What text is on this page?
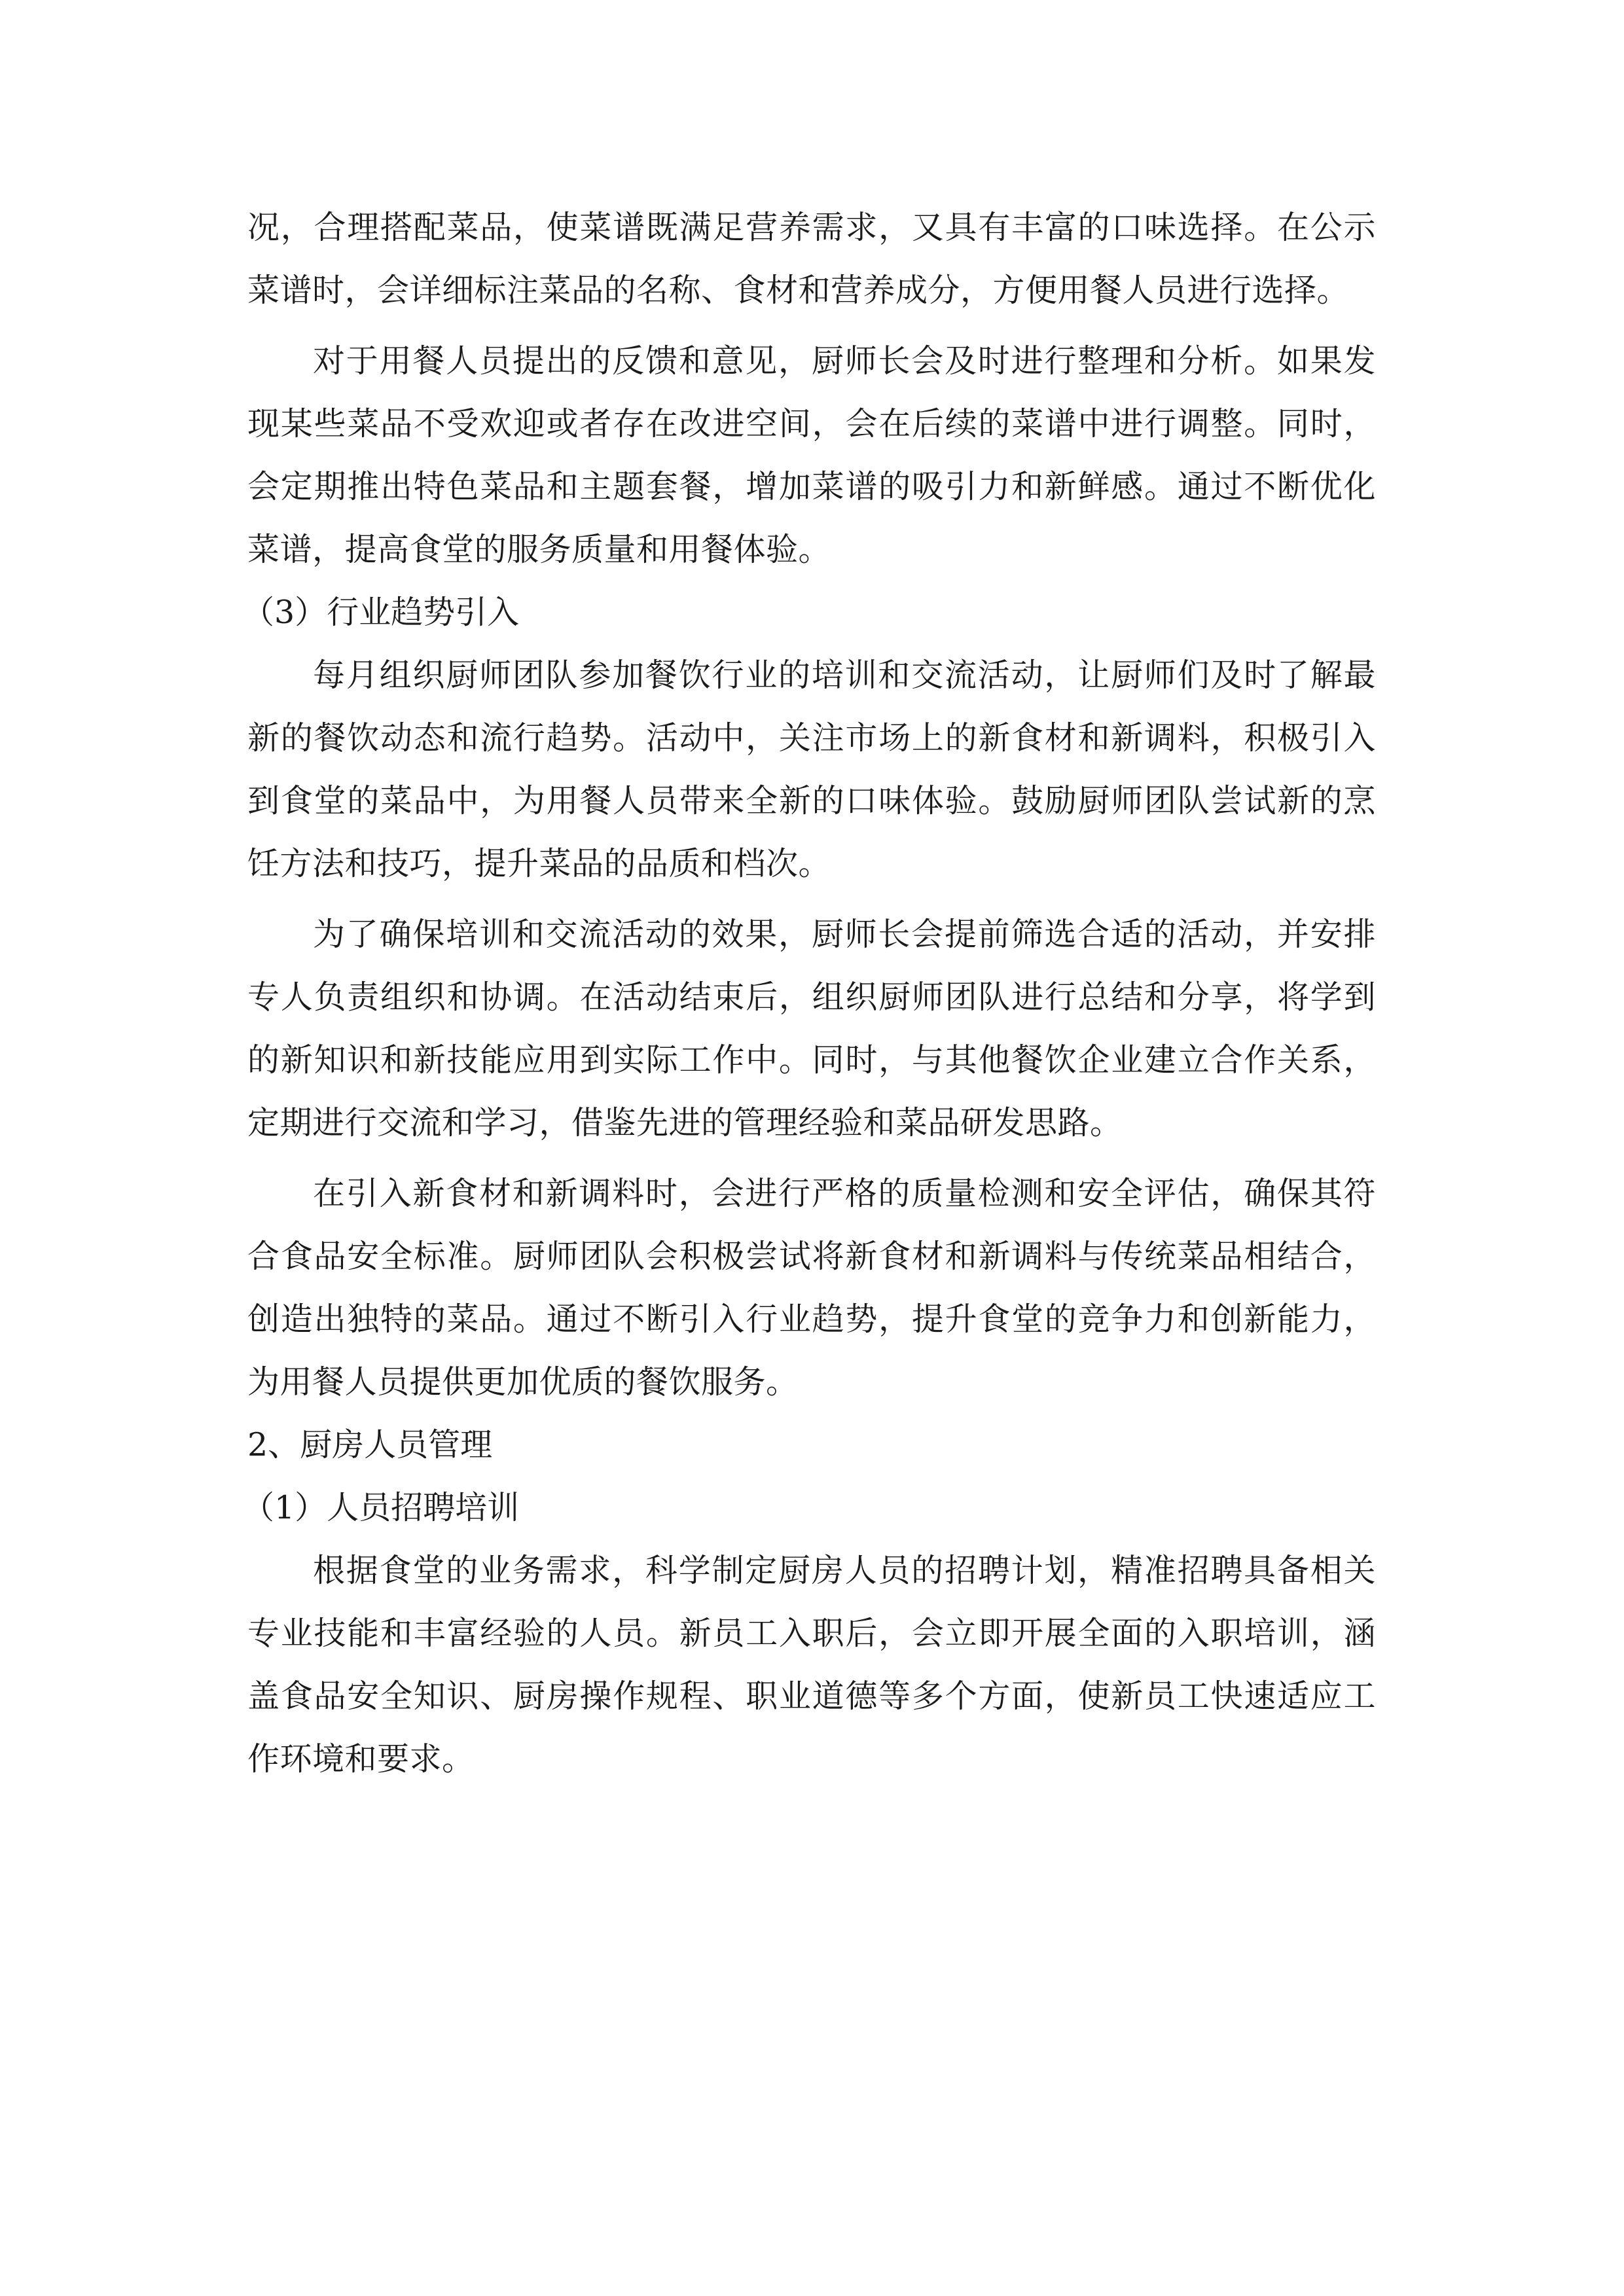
况，合理搭配菜品，使菜谱既满足营养需求，又具有丰富的口味选择。在公示菜谱时，会详细标注菜品的名称、食材和营养成分，方便用餐人员进行选择。

对于用餐人员提出的反馈和意见，厨师长会及时进行整理和分析。如果发现某些菜品不受欢迎或者存在改进空间，会在后续的菜谱中进行调整。同时，会定期推出特色菜品和主题套餐，增加菜谱的吸引力和新鲜感。通过不断优化菜谱，提高食堂的服务质量和用餐体验。

（3）行业趋势引入

每月组织厨师团队参加餐饮行业的培训和交流活动，让厨师们及时了解最新的餐饮动态和流行趋势。活动中，关注市场上的新食材和新调料，积极引入到食堂的菜品中，为用餐人员带来全新的口味体验。鼓励厨师团队尝试新的烹饪方法和技巧，提升菜品的品质和档次。

为了确保培训和交流活动的效果，厨师长会提前筛选合适的活动，并安排专人负责组织和协调。在活动结束后，组织厨师团队进行总结和分享，将学到的新知识和新技能应用到实际工作中。同时，与其他餐饮企业建立合作关系，定期进行交流和学习，借鉴先进的管理经验和菜品研发思路。

在引入新食材和新调料时，会进行严格的质量检测和安全评估，确保其符合食品安全标准。厨师团队会积极尝试将新食材和新调料与传统菜品相结合，创造出独特的菜品。通过不断引入行业趋势，提升食堂的竞争力和创新能力，为用餐人员提供更加优质的餐饮服务。

2、厨房人员管理

（1）人员招聘培训

根据食堂的业务需求，科学制定厨房人员的招聘计划，精准招聘具备相关专业技能和丰富经验的人员。新员工入职后，会立即开展全面的入职培训，涵盖食品安全知识、厨房操作规程、职业道德等多个方面，使新员工快速适应工作环境和要求。
